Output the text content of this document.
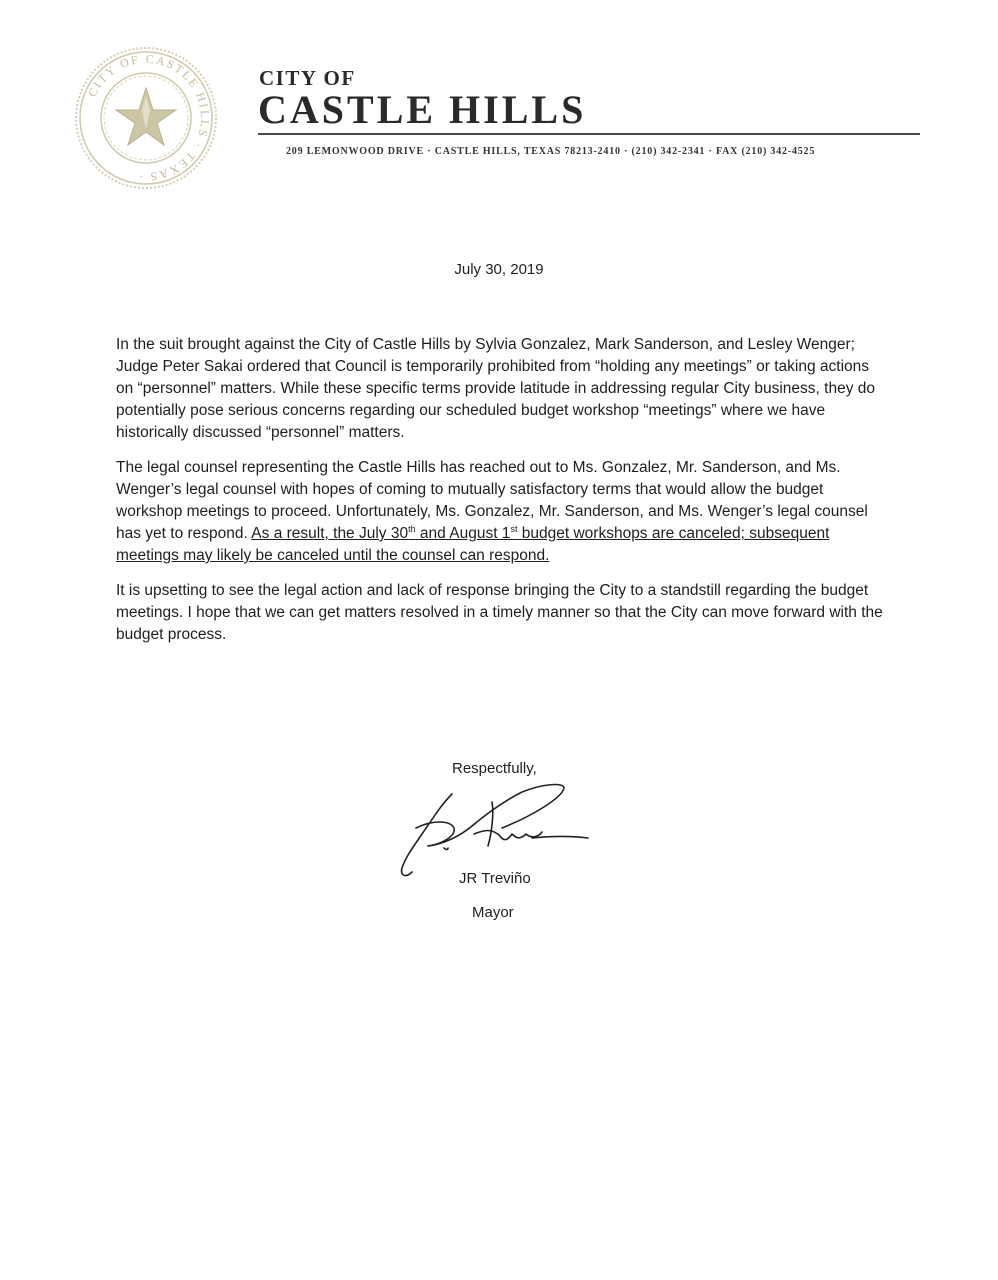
CITY OF CASTLE HILLS · TEXAS ·
CITY OF
CASTLE HILLS
209 LEMONWOOD DRIVE · CASTLE HILLS, TEXAS 78213-2410 · (210) 342-2341 · FAX (210) 342-4525
July 30, 2019

In the suit brought against the City of Castle Hills by Sylvia Gonzalez, Mark Sanderson, and Lesley Wenger; Judge Peter Sakai ordered that Council is temporarily prohibited from “holding any meetings” or taking actions on “personnel” matters. While these specific terms provide latitude in addressing regular City business, they do potentially pose serious concerns regarding our scheduled budget workshop “meetings” where we have historically discussed “personnel” matters.

The legal counsel representing the Castle Hills has reached out to Ms. Gonzalez, Mr. Sanderson, and Ms. Wenger’s legal counsel with hopes of coming to mutually satisfactory terms that would allow the budget workshop meetings to proceed. Unfortunately, Ms. Gonzalez, Mr. Sanderson, and Ms. Wenger’s legal counsel has yet to respond. As a result, the July 30th and August 1st budget workshops are canceled; subsequent meetings may likely be canceled until the counsel can respond.

It is upsetting to see the legal action and lack of response bringing the City to a standstill regarding the budget meetings. I hope that we can get matters resolved in a timely manner so that the City can move forward with the budget process.

Respectfully,
JR Treviño
Mayor
